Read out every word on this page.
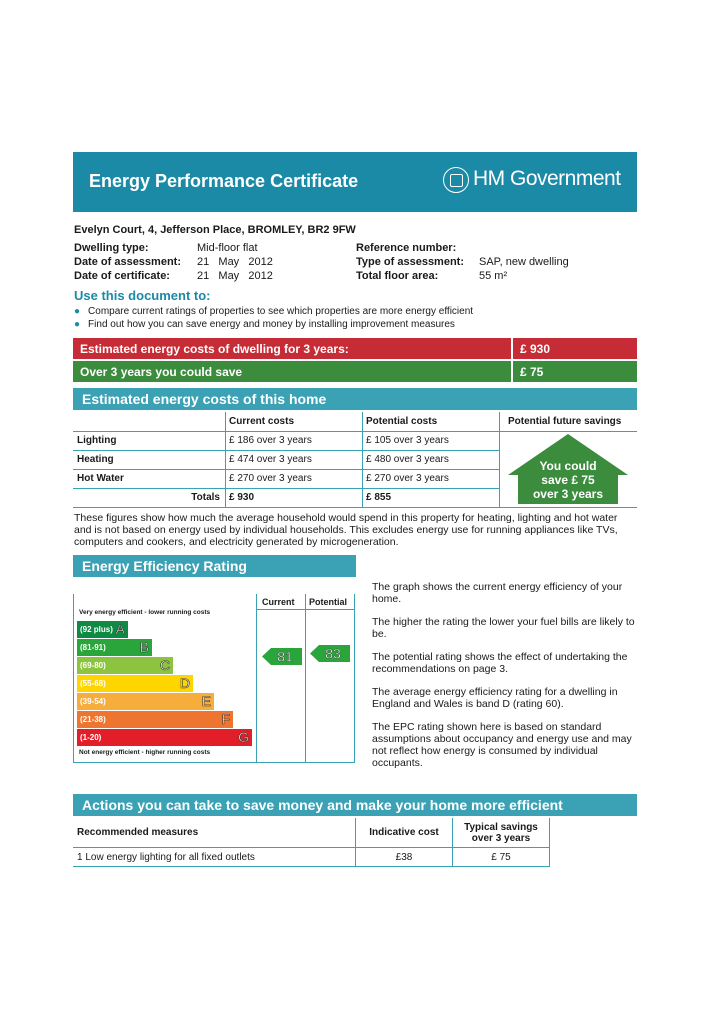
Energy Performance Certificate	HM Government
Evelyn Court, 4, Jefferson Place, BROMLEY, BR2 9FW
Dwelling type:	Mid-floor flat
Date of assessment: 21   May   2012
Date of certificate: 21   May   2012
Reference number:
Type of assessment: SAP, new dwelling
Total floor area:	55 m²
Use this document to:
● Compare current ratings of properties to see which properties are more energy efficient
● Find out how you can save energy and money by installing improvement measures
Estimated energy costs of dwelling for 3 years:	£ 930
Over 3 years you could save	£ 75
Estimated energy costs of this home
Current costs	Potential costs	Potential future savings
Lighting	£ 186 over 3 years	£ 105 over 3 years
Heating	£ 474 over 3 years	£ 480 over 3 years
Hot Water	£ 270 over 3 years	£ 270 over 3 years
Totals £ 930	£ 855
You could
save £ 75
over 3 years
These figures show how much the average household would spend in this property for heating, lighting and hot water and is not based on energy used by individual households. This excludes energy use for running appliances like TVs, computers and cookers, and electricity generated by microgeneration.
Energy Efficiency Rating
Current Potential
Very energy efficient - lower running costs
Not energy efficient - higher running costs
(92 plus) A
(81-91) B
(69-80)	C
(55-68)	D
(39-54)	E
(21-38)	F
(1-20)	G
81 83
The graph shows the current energy efficiency of your home.
The higher the rating the lower your fuel bills are likely to be.
The potential rating shows the effect of undertaking the recommendations on page 3.
The average energy efficiency rating for a dwelling in England and Wales is band D (rating 60).
The EPC rating shown here is based on standard assumptions about occupancy and energy use and may not reflect how energy is consumed by individual occupants.
Actions you can take to save money and make your home more efficient
Recommended measures	Indicative cost	Typical savings over 3 years
1 Low energy lighting for all fixed outlets	£38	£ 75
